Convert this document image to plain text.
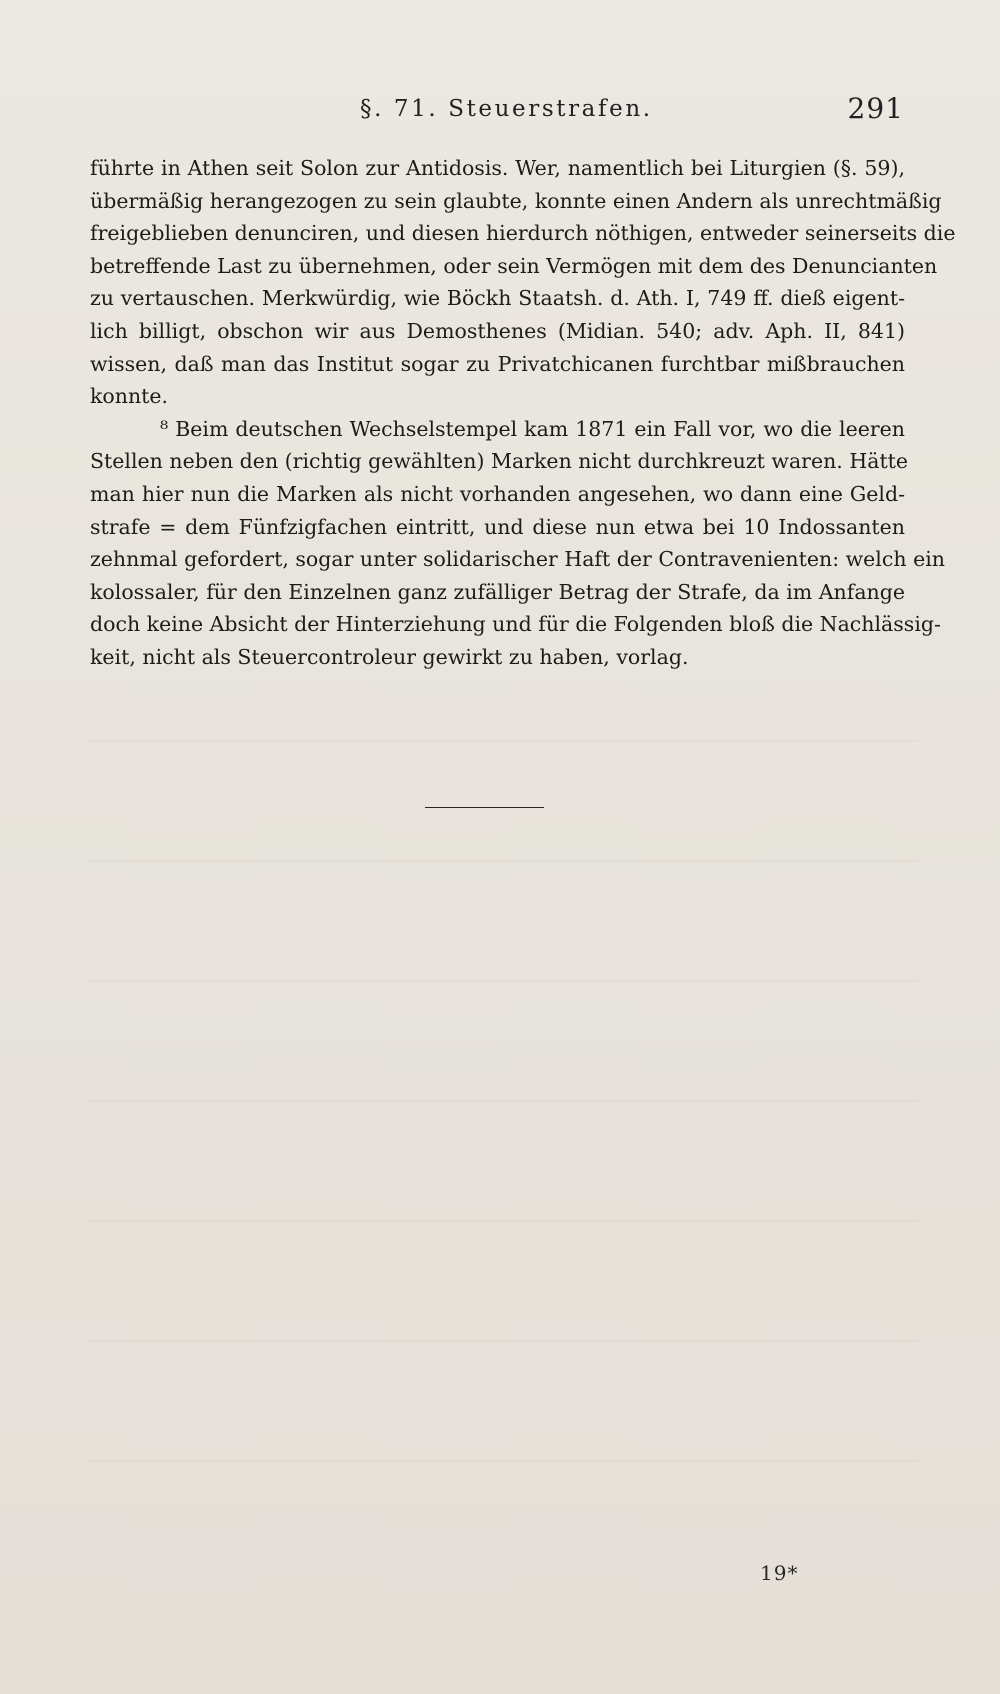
§. 71. Steuerstrafen.	291
führte in Athen seit Solon zur Antidosis. Wer, namentlich bei Liturgien (§. 59),
übermäßig herangezogen zu sein glaubte, konnte einen Andern als unrechtmäßig
freigeblieben denunciren, und diesen hierdurch nöthigen, entweder seinerseits die
betreffende Last zu übernehmen, oder sein Vermögen mit dem des Denuncianten
zu vertauschen. Merkwürdig, wie Böckh Staatsh. d. Ath. I, 749 ff. dieß eigent-
lich billigt, obschon wir aus Demosthenes (Midian. 540; adv. Aph. II, 841)
wissen, daß man das Institut sogar zu Privatchicanen furchtbar mißbrauchen
konnte.
⁸ Beim deutschen Wechselstempel kam 1871 ein Fall vor, wo die leeren
Stellen neben den (richtig gewählten) Marken nicht durchkreuzt waren. Hätte
man hier nun die Marken als nicht vorhanden angesehen, wo dann eine Geld-
strafe = dem Fünfzigfachen eintritt, und diese nun etwa bei 10 Indossanten
zehnmal gefordert, sogar unter solidarischer Haft der Contravenienten: welch ein
kolossaler, für den Einzelnen ganz zufälliger Betrag der Strafe, da im Anfange
doch keine Absicht der Hinterziehung und für die Folgenden bloß die Nachlässig-
keit, nicht als Steuercontroleur gewirkt zu haben, vorlag.
19*
